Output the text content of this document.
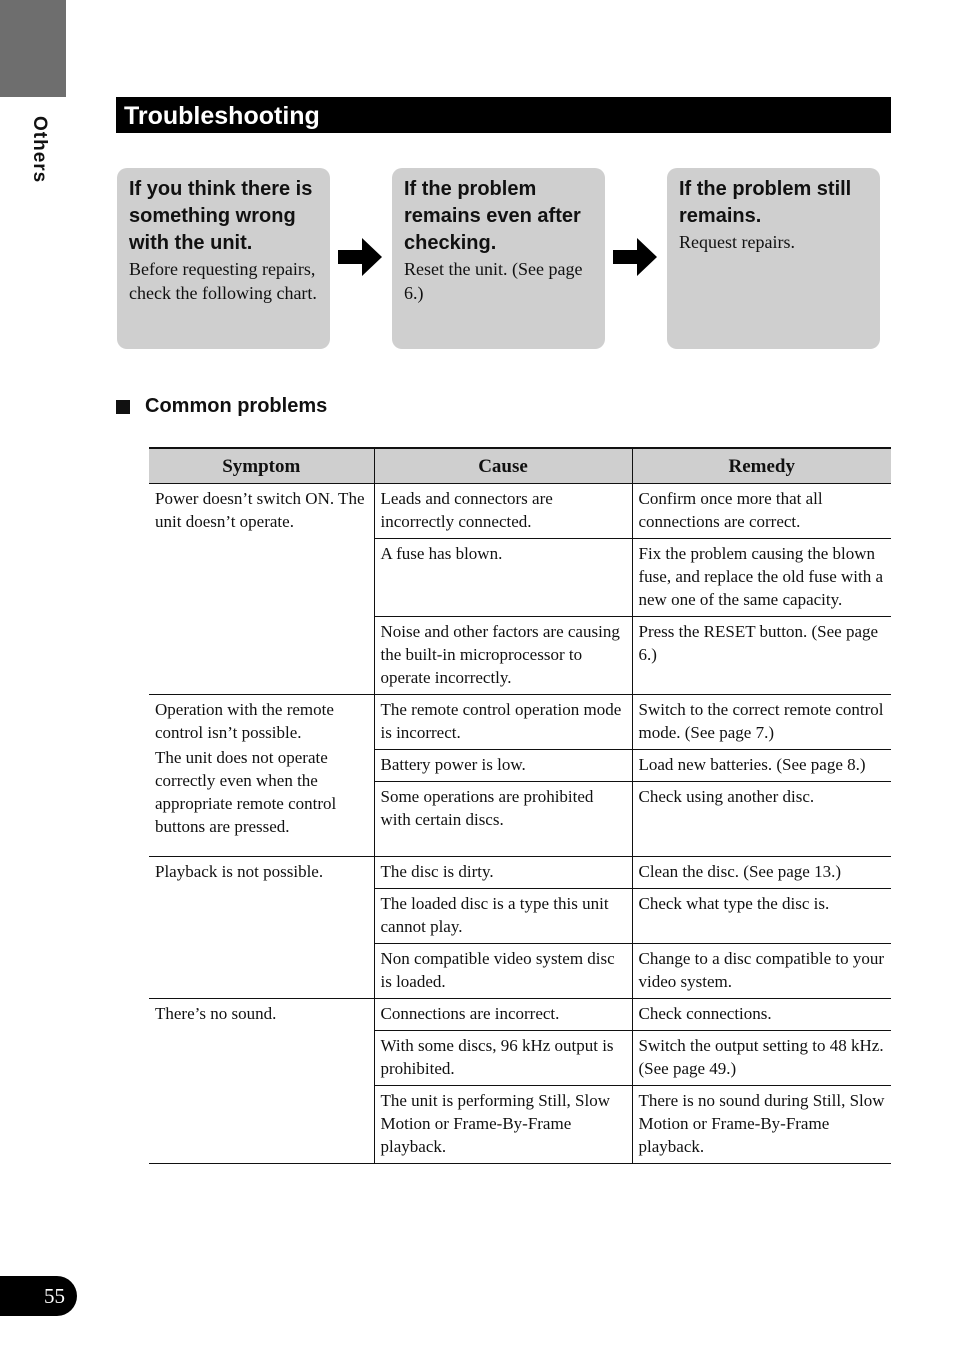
Others	Troubleshooting
If you think there is something wrong with the unit.
Before requesting repairs, check the following chart.
If the problem remains even after checking.
Reset the unit. (See page 6.)
If the problem still remains.
Request repairs.
Common problems
Symptom	Cause	Remedy

Power doesn’t switch ON. The unit doesn’t operate.	Leads and connectors are incorrectly connected.	Confirm once more that all connections are correct.
	A fuse has blown.	Fix the problem causing the blown fuse, and replace the old fuse with a new one of the same capacity.
	Noise and other factors are causing the built-in microprocessor to operate incorrectly.	Press the RESET button. (See page 6.)

Operation with the remote control isn’t possible.
The unit does not operate correctly even when the appropriate remote control buttons are pressed.	The remote control operation mode is incorrect.	Switch to the correct remote control mode. (See page 7.)
	Battery power is low.	Load new batteries. (See page 8.)
	Some operations are prohibited with certain discs.	Check using another disc.

Playback is not possible.	The disc is dirty.	Clean the disc. (See page 13.)
	The loaded disc is a type this unit cannot play.	Check what type the disc is.
	Non compatible video system disc is loaded.	Change to a disc compatible to your video system.

There’s no sound.	Connections are incorrect.	Check connections.
	With some discs, 96 kHz output is prohibited.	Switch the output setting to 48 kHz. (See page 49.)
	The unit is performing Still, Slow Motion or Frame-By-Frame playback.	There is no sound during Still, Slow Motion or Frame-By-Frame playback.
55
